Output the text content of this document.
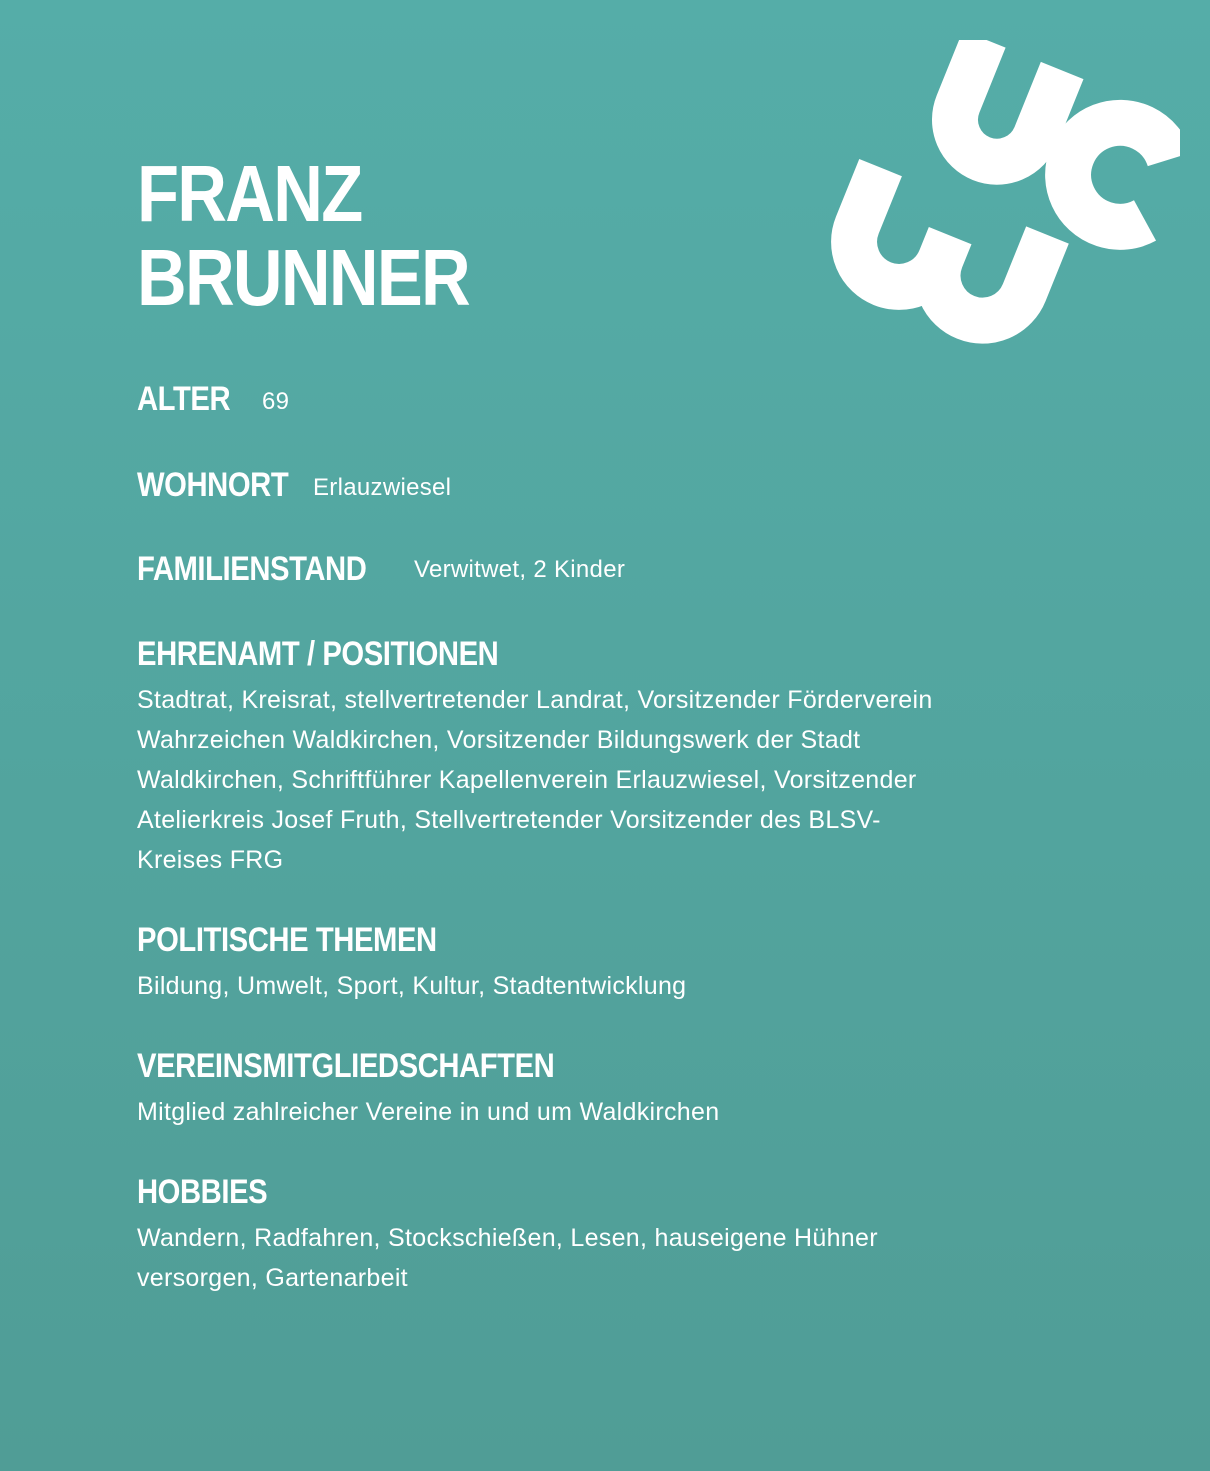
FRANZ
BRUNNER
ALTER 69
WOHNORT Erlauzwiesel
FAMILIENSTAND Verwitwet, 2 Kinder
EHRENAMT / POSITIONEN
Stadtrat, Kreisrat, stellvertretender Landrat, Vorsitzender Förderverein
Wahrzeichen Waldkirchen, Vorsitzender Bildungswerk der Stadt
Waldkirchen, Schriftführer Kapellenverein Erlauzwiesel, Vorsitzender
Atelierkreis Josef Fruth, Stellvertretender Vorsitzender des BLSV-
Kreises FRG
POLITISCHE THEMEN
Bildung, Umwelt, Sport, Kultur, Stadtentwicklung
VEREINSMITGLIEDSCHAFTEN
Mitglied zahlreicher Vereine in und um Waldkirchen
HOBBIES
Wandern, Radfahren, Stockschießen, Lesen, hauseigene Hühner
versorgen, Gartenarbeit
